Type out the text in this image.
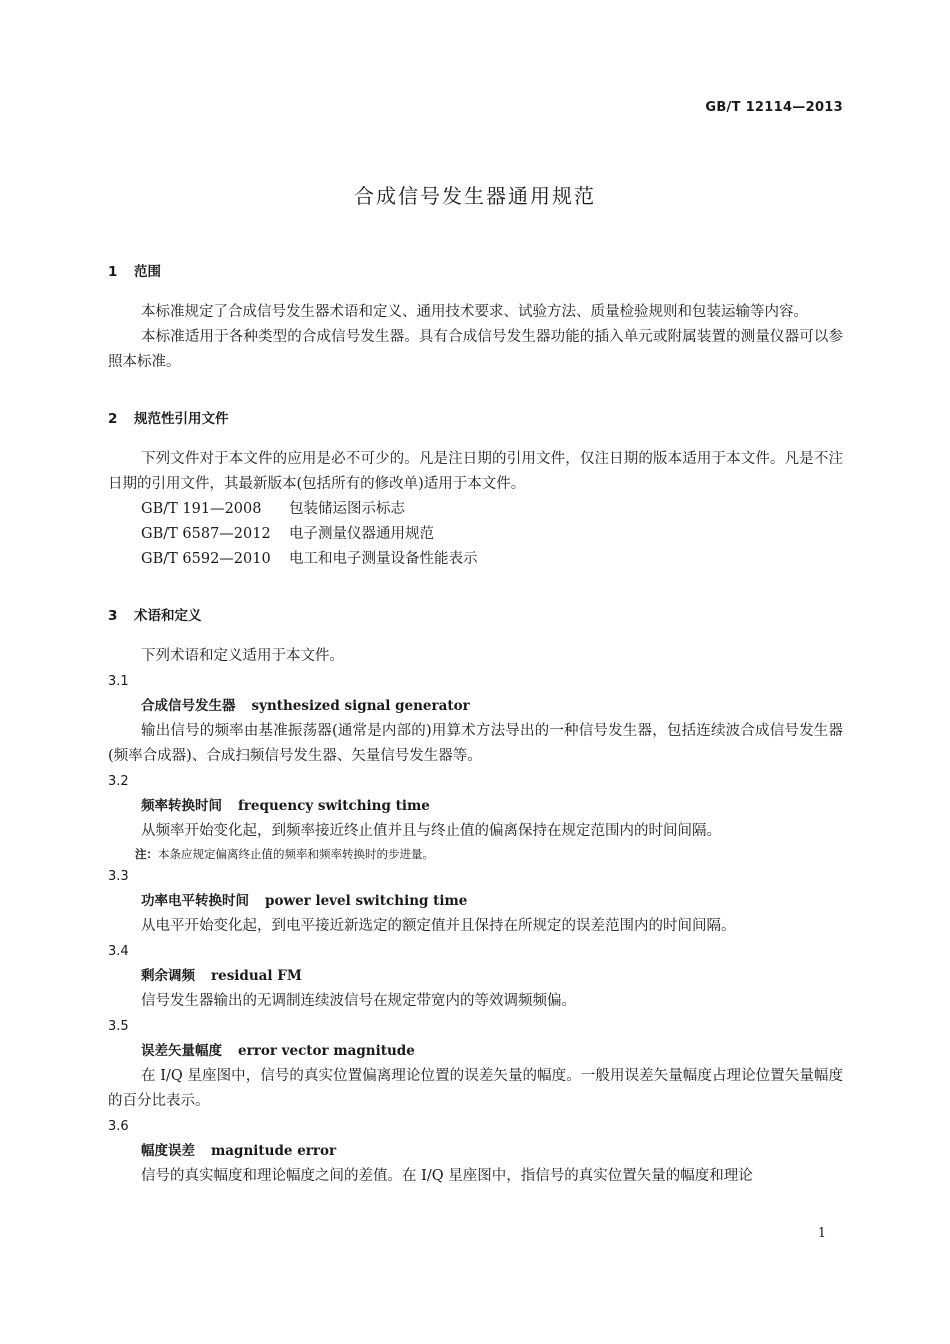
GB/T 12114—2013
合成信号发生器通用规范
1 范围

本标准规定了合成信号发生器术语和定义、通用技术要求、试验方法、质量检验规则和包装运输等内容。

本标准适用于各种类型的合成信号发生器。具有合成信号发生器功能的插入单元或附属装置的测量仪器可以参照本标准。

2 规范性引用文件

下列文件对于本文件的应用是必不可少的。凡是注日期的引用文件，仅注日期的版本适用于本文件。凡是不注日期的引用文件，其最新版本(包括所有的修改单)适用于本文件。

GB/T 191—2008 包装储运图示标志

GB/T 6587—2012 电子测量仪器通用规范

GB/T 6592—2010 电工和电子测量设备性能表示

3 术语和定义

下列术语和定义适用于本文件。

3.1

合成信号发生器 synthesized signal generator

输出信号的频率由基准振荡器(通常是内部的)用算术方法导出的一种信号发生器，包括连续波合成信号发生器(频率合成器)、合成扫频信号发生器、矢量信号发生器等。

3.2

频率转换时间 frequency switching time

从频率开始变化起，到频率接近终止值并且与终止值的偏离保持在规定范围内的时间间隔。

注：本条应规定偏离终止值的频率和频率转换时的步进量。

3.3

功率电平转换时间 power level switching time

从电平开始变化起，到电平接近新选定的额定值并且保持在所规定的误差范围内的时间间隔。

3.4

剩余调频 residual FM

信号发生器输出的无调制连续波信号在规定带宽内的等效调频频偏。

3.5

误差矢量幅度 error vector magnitude

在 I/Q 星座图中，信号的真实位置偏离理论位置的误差矢量的幅度。一般用误差矢量幅度占理论位置矢量幅度的百分比表示。

3.6

幅度误差 magnitude error

信号的真实幅度和理论幅度之间的差值。在 I/Q 星座图中，指信号的真实位置矢量的幅度和理论

1
